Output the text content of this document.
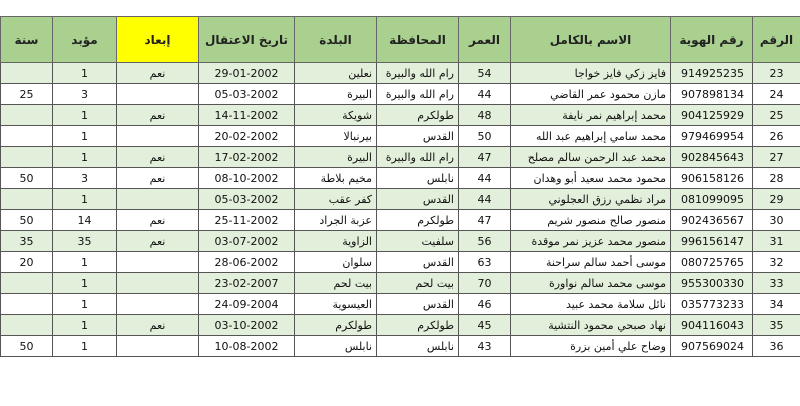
سنة	مؤبد	إبعاد	تاريخ الاعتقال	البلدة	المحافظة	العمر	الاسم بالكامل	رقم الهوية	الرقم
	1	نعم	29-01-2002	نعلين	رام الله والبيرة	54	فايز زكي فايز خواجا	914925235	23
25	3		05-03-2002	البيرة	رام الله والبيرة	44	مازن محمود عمر القاضي	907898134	24
	1	نعم	14-11-2002	شويكة	طولكرم	48	محمد إبراهيم نمر نايفة	904125929	25
	1		20-02-2002	بيرنبالا	القدس	50	محمد سامي إبراهيم عبد الله	979469954	26
	1	نعم	17-02-2002	البيرة	رام الله والبيرة	47	محمد عبد الرحمن سالم مصلح	902845643	27
50	3	نعم	08-10-2002	مخيم بلاطة	نابلس	44	محمود محمد سعيد أبو وهدان	906158126	28
	1		05-03-2002	كفر عقب	القدس	44	مراد نظمي رزق العجلوني	081099095	29
50	14	نعم	25-11-2002	عزبة الجراد	طولكرم	47	منصور صالح منصور شريم	902436567	30
35	35	نعم	03-07-2002	الزاوية	سلفيت	56	منصور محمد عزيز نمر موقدة	996156147	31
20	1		28-06-2002	سلوان	القدس	63	موسى أحمد سالم سراحنة	080725765	32
	1		23-02-2007	بيت لحم	بيت لحم	70	موسى محمد سالم نواورة	955300330	33
	1		24-09-2004	العيسوية	القدس	46	نائل سلامة محمد عبيد	035773233	34
	1	نعم	03-10-2002	طولكرم	طولكرم	45	نهاد صبحي محمود النتشية	904116043	35
50	1		10-08-2002	نابلس	نابلس	43	وضاح علي أمين بزرة	907569024	36
